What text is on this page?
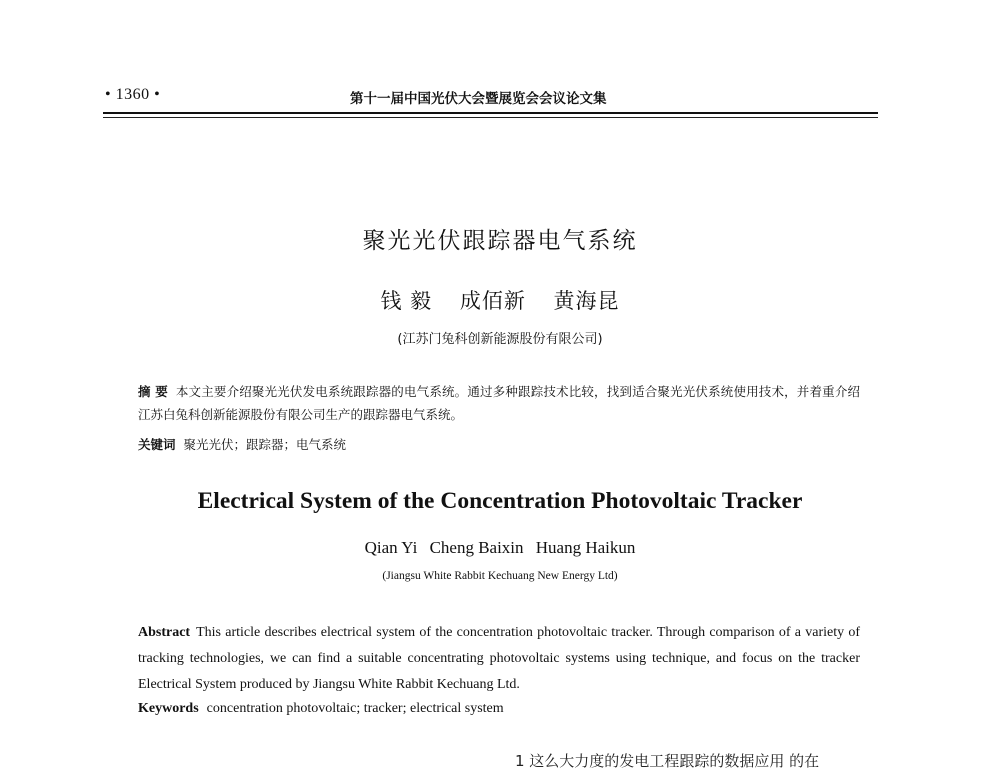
• 1360 •	第十一届中国光伏大会暨展览会会议论文集
聚光光伏跟踪器电气系统
钱 毅 成佰新 黄海昆
(江苏门兔科创新能源股份有限公司)
摘 要 本文主要介绍聚光光伏发电系统跟踪器的电气系统。通过多种跟踪技术比较，找到适合聚光光伏系统使用技术，并着重介绍江苏白兔科创新能源股份有限公司生产的跟踪器电气系统。
关键词 聚光光伏；跟踪器；电气系统
Electrical System of the Concentration Photovoltaic Tracker
Qian Yi Cheng Baixin Huang Haikun
(Jiangsu White Rabbit Kechuang New Energy Ltd)
Abstract This article describes electrical system of the concentration photovoltaic tracker. Through comparison of a variety of tracking technologies, we can find a suitable concentrating photovoltaic systems using technique, and focus on the tracker Electrical System produced by Jiangsu White Rabbit Kechuang Ltd.
Keywords concentration photovoltaic; tracker; electrical system
1 这么大力度的发电工程跟踪的数据应用 的在
